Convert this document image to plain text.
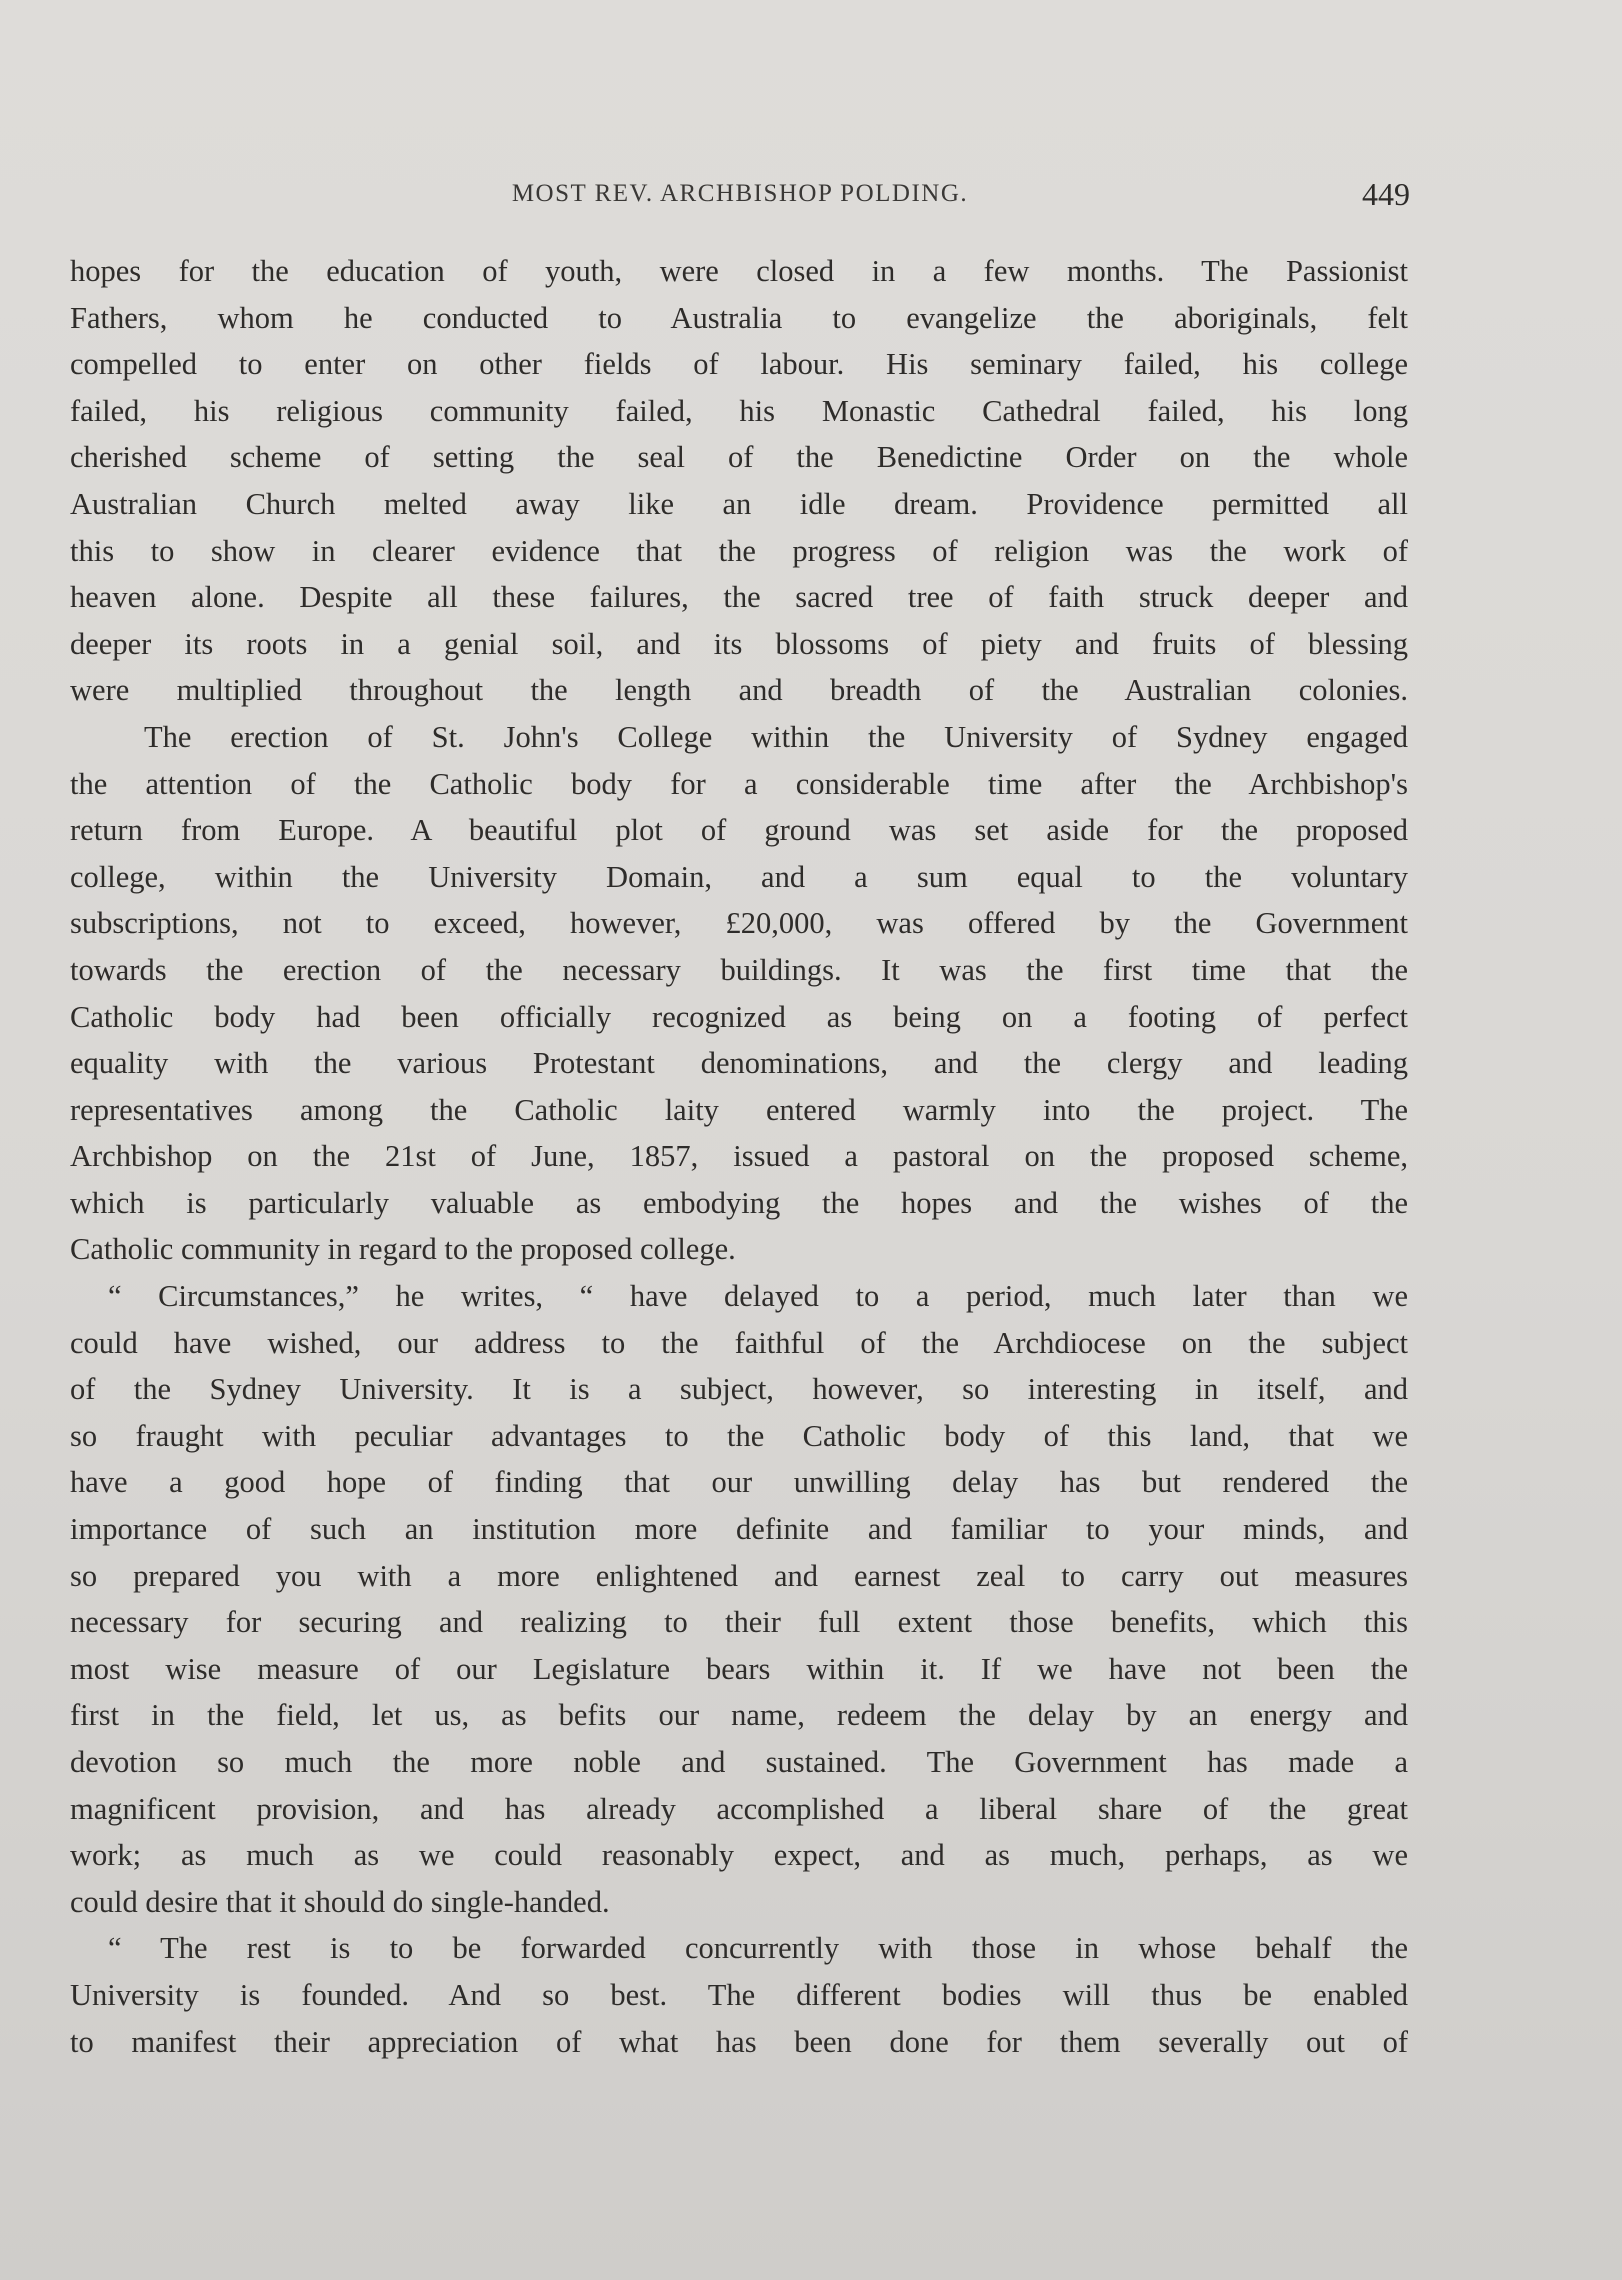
MOST REV. ARCHBISHOP POLDING.	449
hopes for the education of youth, were closed in a few months. The Passionist
Fathers, whom he conducted to Australia to evangelize the aboriginals, felt
compelled to enter on other fields of labour. His seminary failed, his college
failed, his religious community failed, his Monastic Cathedral failed, his long
cherished scheme of setting the seal of the Benedictine Order on the whole
Australian Church melted away like an idle dream. Providence permitted all
this to show in clearer evidence that the progress of religion was the work of
heaven alone. Despite all these failures, the sacred tree of faith struck deeper and
deeper its roots in a genial soil, and its blossoms of piety and fruits of blessing
were multiplied throughout the length and breadth of the Australian colonies.
The erection of St. John's College within the University of Sydney engaged
the attention of the Catholic body for a considerable time after the Archbishop's
return from Europe. A beautiful plot of ground was set aside for the proposed
college, within the University Domain, and a sum equal to the voluntary
subscriptions, not to exceed, however, £20,000, was offered by the Government
towards the erection of the necessary buildings. It was the first time that the
Catholic body had been officially recognized as being on a footing of perfect
equality with the various Protestant denominations, and the clergy and leading
representatives among the Catholic laity entered warmly into the project. The
Archbishop on the 21st of June, 1857, issued a pastoral on the proposed scheme,
which is particularly valuable as embodying the hopes and the wishes of the
Catholic community in regard to the proposed college.
“ Circumstances,” he writes, “ have delayed to a period, much later than we
could have wished, our address to the faithful of the Archdiocese on the subject
of the Sydney University. It is a subject, however, so interesting in itself, and
so fraught with peculiar advantages to the Catholic body of this land, that we
have a good hope of finding that our unwilling delay has but rendered the
importance of such an institution more definite and familiar to your minds, and
so prepared you with a more enlightened and earnest zeal to carry out measures
necessary for securing and realizing to their full extent those benefits, which this
most wise measure of our Legislature bears within it. If we have not been the
first in the field, let us, as befits our name, redeem the delay by an energy and
devotion so much the more noble and sustained. The Government has made a
magnificent provision, and has already accomplished a liberal share of the great
work; as much as we could reasonably expect, and as much, perhaps, as we
could desire that it should do single-handed.
“ The rest is to be forwarded concurrently with those in whose behalf the
University is founded. And so best. The different bodies will thus be enabled
to manifest their appreciation of what has been done for them severally out of
